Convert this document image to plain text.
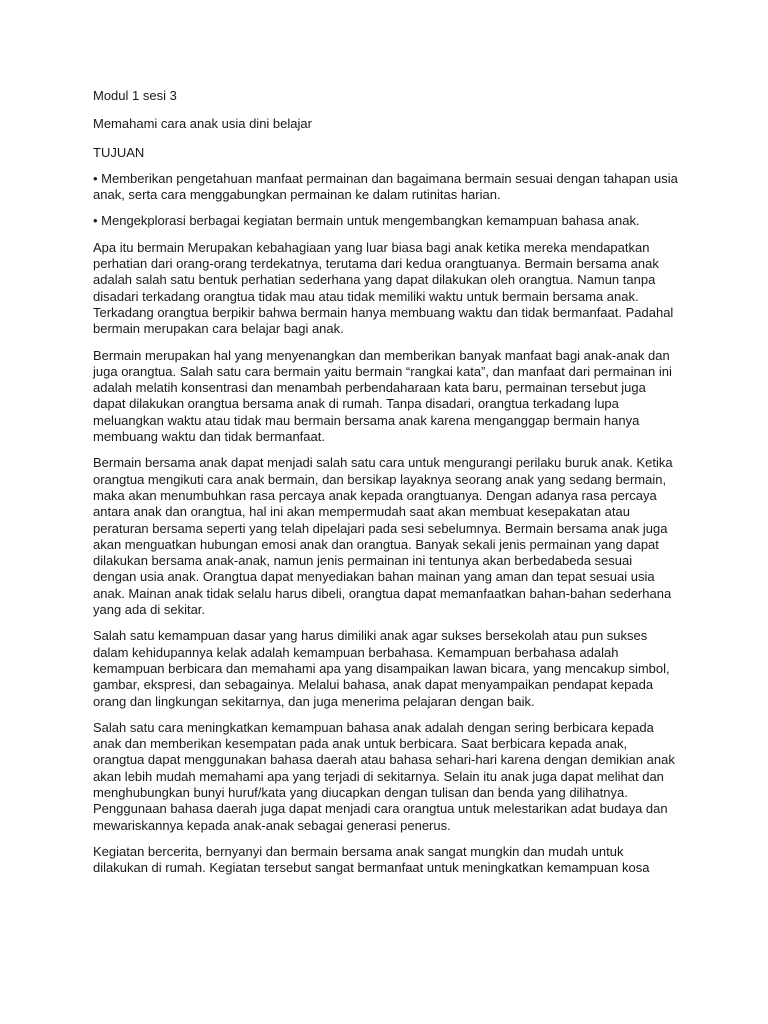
Modul 1 sesi 3

Memahami cara anak usia dini belajar

TUJUAN

• Memberikan pengetahuan manfaat permainan dan bagaimana bermain sesuai dengan tahapan usia anak, serta cara menggabungkan permainan ke dalam rutinitas harian.

• Mengekplorasi berbagai kegiatan bermain untuk mengembangkan kemampuan bahasa anak.

Apa itu bermain Merupakan kebahagiaan yang luar biasa bagi anak ketika mereka mendapatkan perhatian dari orang-orang terdekatnya, terutama dari kedua orangtuanya. Bermain bersama anak adalah salah satu bentuk perhatian sederhana yang dapat dilakukan oleh orangtua. Namun tanpa disadari terkadang orangtua tidak mau atau tidak memiliki waktu untuk bermain bersama anak. Terkadang orangtua berpikir bahwa bermain hanya membuang waktu dan tidak bermanfaat. Padahal bermain merupakan cara belajar bagi anak.

Bermain merupakan hal yang menyenangkan dan memberikan banyak manfaat bagi anak-anak dan juga orangtua. Salah satu cara bermain yaitu bermain “rangkai kata”, dan manfaat dari permainan ini adalah melatih konsentrasi dan menambah perbendaharaan kata baru, permainan tersebut juga dapat dilakukan orangtua bersama anak di rumah. Tanpa disadari, orangtua terkadang lupa meluangkan waktu atau tidak mau bermain bersama anak karena menganggap bermain hanya membuang waktu dan tidak bermanfaat.

Bermain bersama anak dapat menjadi salah satu cara untuk mengurangi perilaku buruk anak. Ketika orangtua mengikuti cara anak bermain, dan bersikap layaknya seorang anak yang sedang bermain, maka akan menumbuhkan rasa percaya anak kepada orangtuanya. Dengan adanya rasa percaya antara anak dan orangtua, hal ini akan mempermudah saat akan membuat kesepakatan atau peraturan bersama seperti yang telah dipelajari pada sesi sebelumnya. Bermain bersama anak juga akan menguatkan hubungan emosi anak dan orangtua. Banyak sekali jenis permainan yang dapat dilakukan bersama anak-anak, namun jenis permainan ini tentunya akan berbedabeda sesuai dengan usia anak. Orangtua dapat menyediakan bahan mainan yang aman dan tepat sesuai usia anak. Mainan anak tidak selalu harus dibeli, orangtua dapat memanfaatkan bahan-bahan sederhana yang ada di sekitar.

Salah satu kemampuan dasar yang harus dimiliki anak agar sukses bersekolah atau pun sukses dalam kehidupannya kelak adalah kemampuan berbahasa. Kemampuan berbahasa adalah kemampuan berbicara dan memahami apa yang disampaikan lawan bicara, yang mencakup simbol, gambar, ekspresi, dan sebagainya. Melalui bahasa, anak dapat menyampaikan pendapat kepada orang dan lingkungan sekitarnya, dan juga menerima pelajaran dengan baik.

Salah satu cara meningkatkan kemampuan bahasa anak adalah dengan sering berbicara kepada anak dan memberikan kesempatan pada anak untuk berbicara. Saat berbicara kepada anak, orangtua dapat menggunakan bahasa daerah atau bahasa sehari-hari karena dengan demikian anak akan lebih mudah memahami apa yang terjadi di sekitarnya. Selain itu anak juga dapat melihat dan menghubungkan bunyi huruf/kata yang diucapkan dengan tulisan dan benda yang dilihatnya. Penggunaan bahasa daerah juga dapat menjadi cara orangtua untuk melestarikan adat budaya dan mewariskannya kepada anak-anak sebagai generasi penerus.

Kegiatan bercerita, bernyanyi dan bermain bersama anak sangat mungkin dan mudah untuk dilakukan di rumah. Kegiatan tersebut sangat bermanfaat untuk meningkatkan kemampuan kosa
